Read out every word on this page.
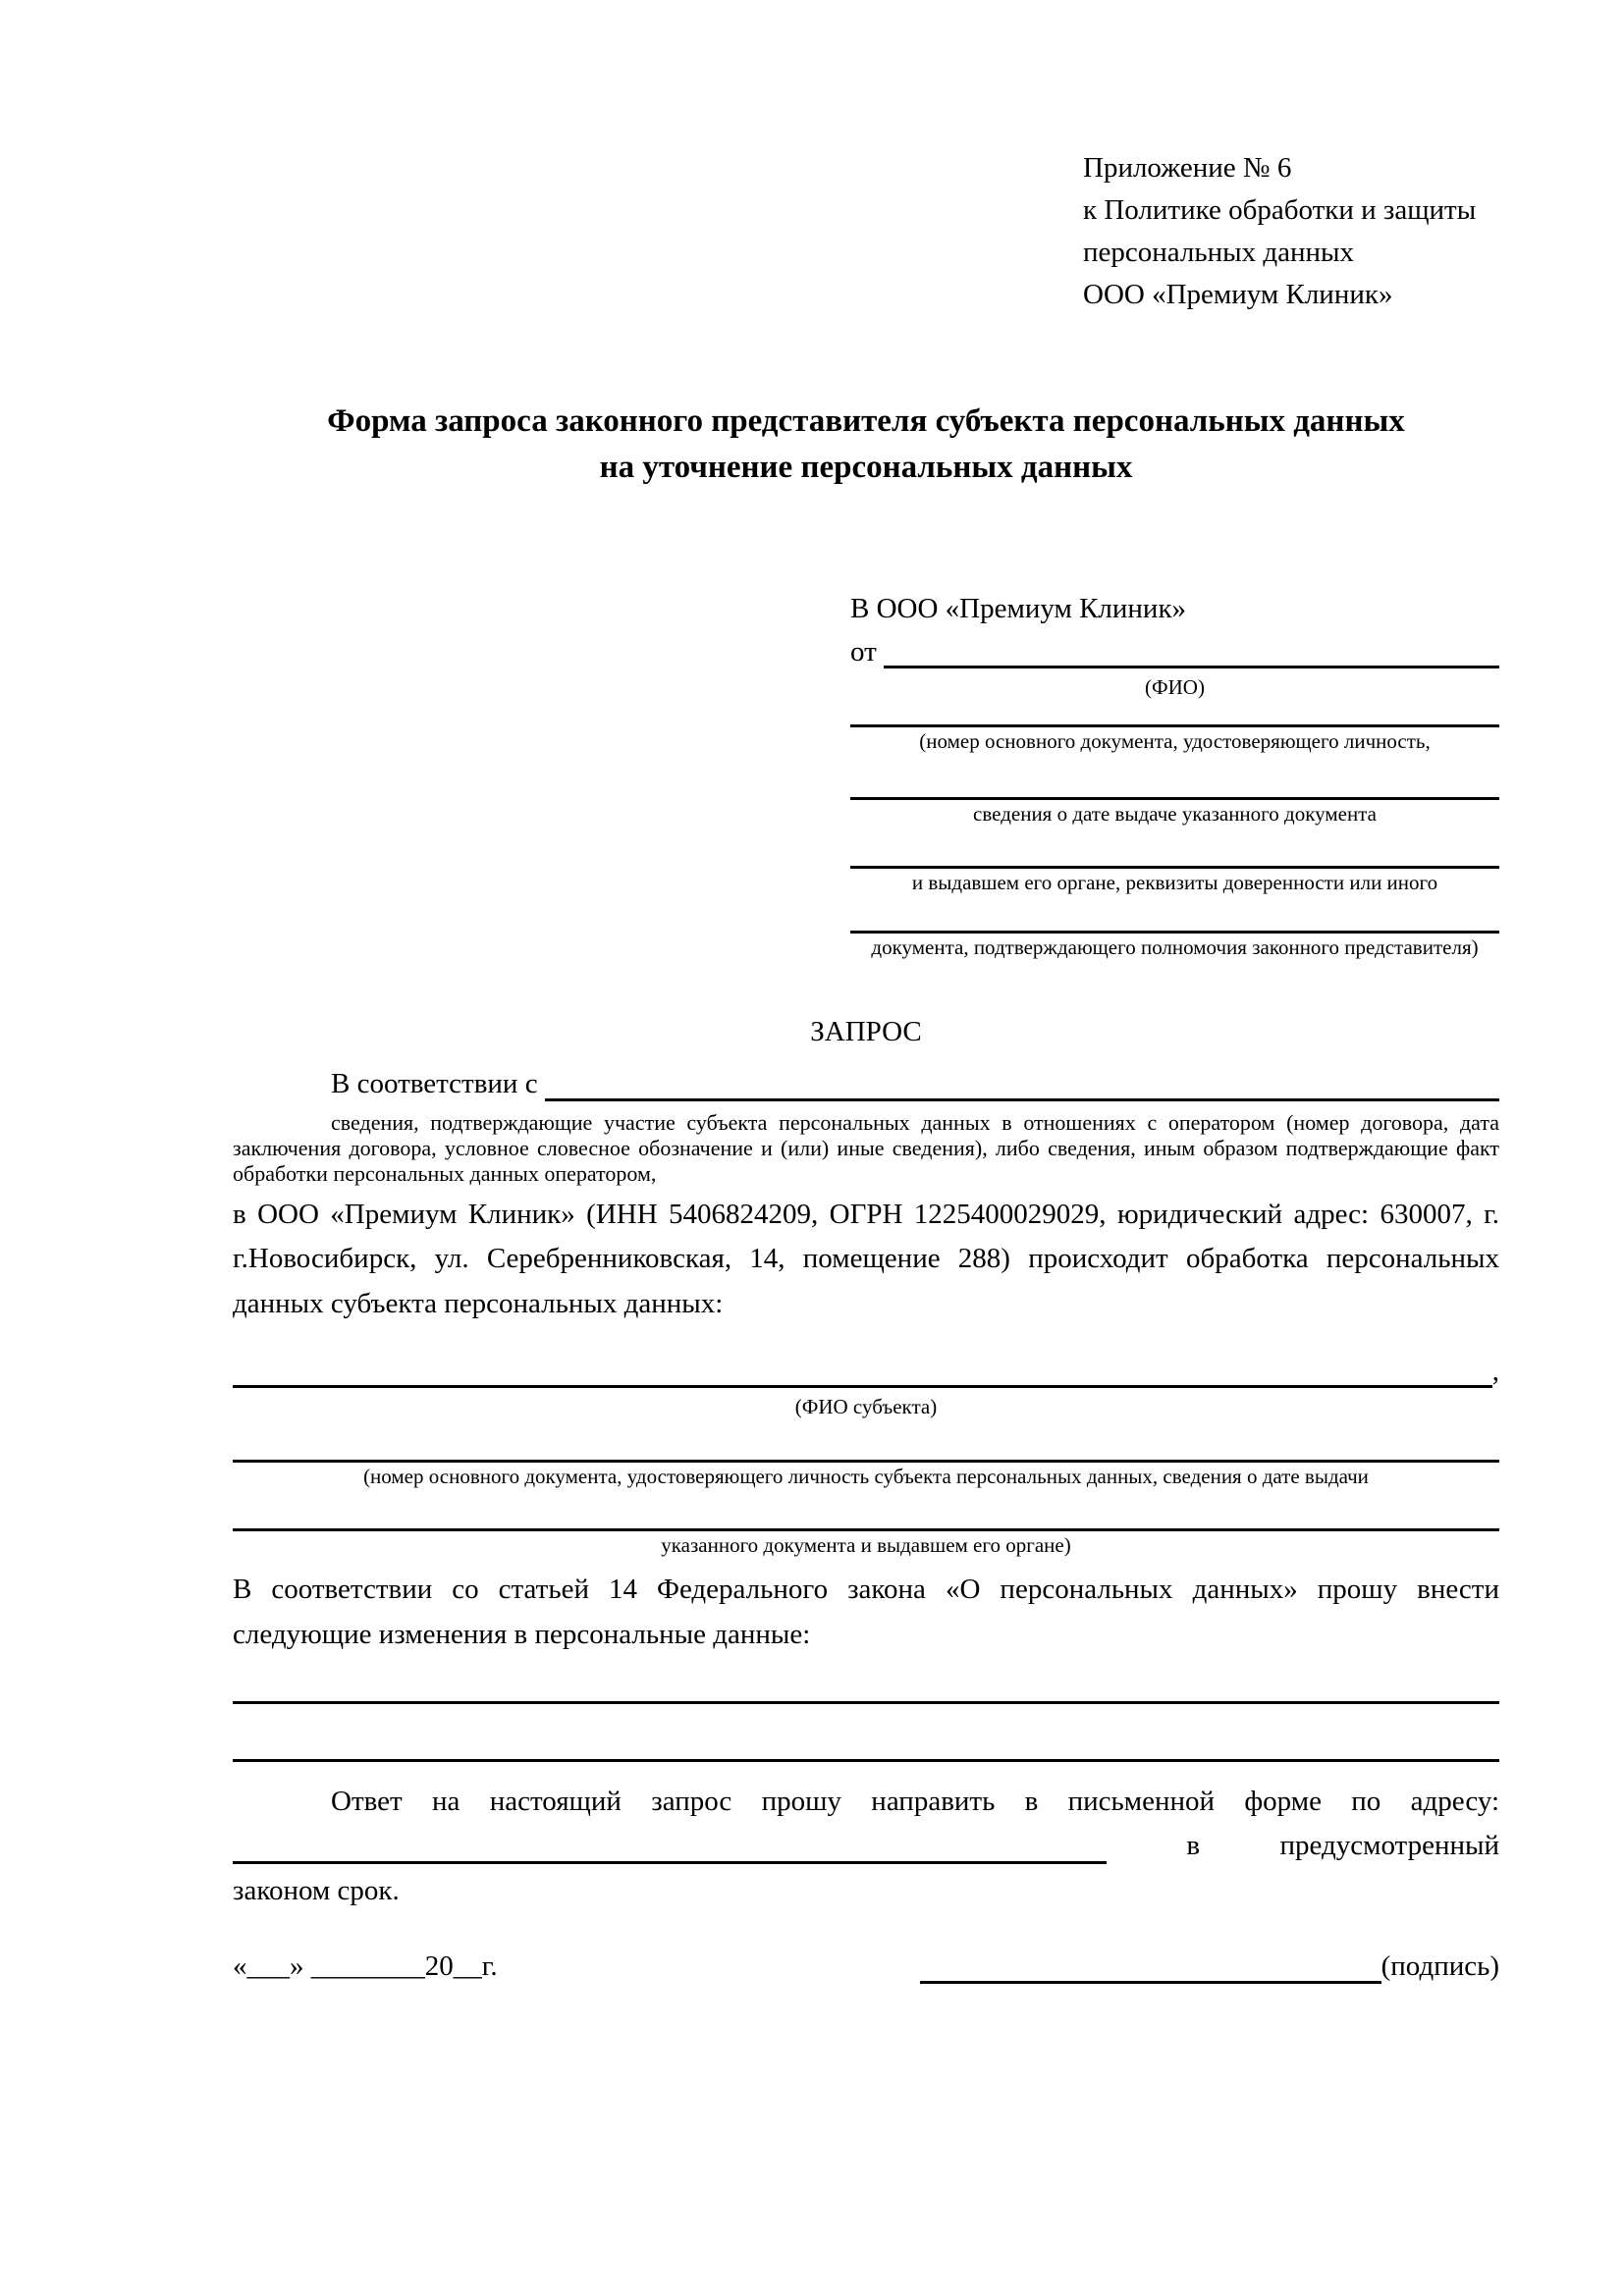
Приложение № 6
к Политике обработки и защиты
персональных данных
ООО «Премиум Клиник»
Форма запроса законного представителя субъекта персональных данных
на уточнение персональных данных
В ООО «Премиум Клиник»
от
(ФИО)
(номер основного документа, удостоверяющего личность,
сведения о дате выдаче указанного документа
и выдавшем его органе, реквизиты доверенности или иного
документа, подтверждающего полномочия законного представителя)
ЗАПРОС
В соответствии с
сведения, подтверждающие участие субъекта персональных данных в отношениях с оператором (номер договора, дата заключения договора, условное словесное обозначение и (или) иные сведения), либо сведения, иным образом подтверждающие факт обработки персональных данных оператором,

в ООО «Премиум Клиник» (ИНН 5406824209, ОГРН 1225400029029, юридический адрес: 630007, г. г.Новосибирск, ул. Серебренниковская, 14, помещение 288) происходит обработка персональных данных субъекта персональных данных:

,
(ФИО субъекта)
(номер основного документа, удостоверяющего личность субъекта персональных данных, сведения о дате выдачи
указанного документа и выдавшем его органе)

В соответствии со статьей 14 Федерального закона «О персональных данных» прошу внести следующие изменения в персональные данные:

Ответ на настоящий запрос прошу направить в письменной форме по адресу:
в	предусмотренный
законом срок.
«___» ________20__г.	(подпись)
